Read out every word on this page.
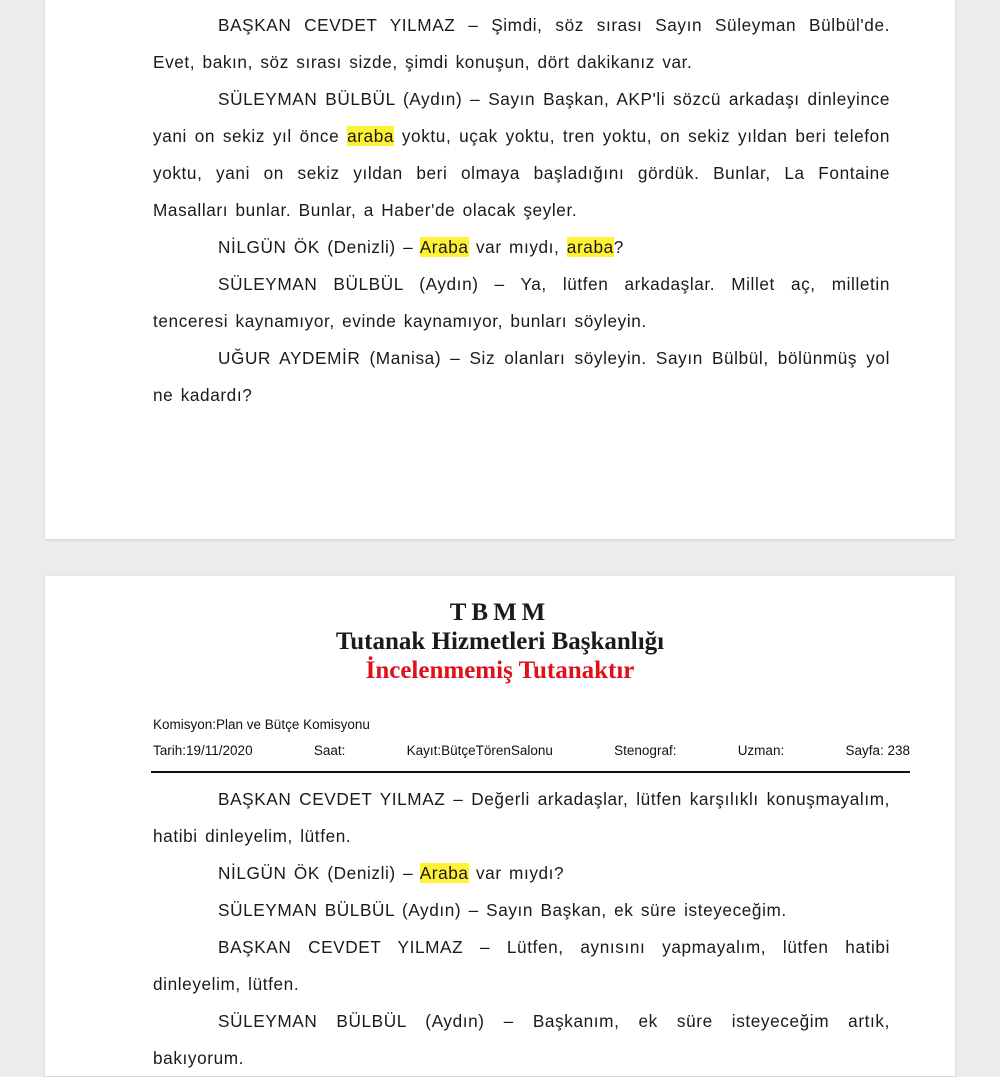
BAŞKAN CEVDET YILMAZ – Şimdi, söz sırası Sayın Süleyman Bülbül'de. Evet, bakın, söz sırası sizde, şimdi konuşun, dört dakikanız var.

SÜLEYMAN BÜLBÜL (Aydın) – Sayın Başkan, AKP'li sözcü arkadaşı dinleyince yani on sekiz yıl önce araba yoktu, uçak yoktu, tren yoktu, on sekiz yıldan beri telefon yoktu, yani on sekiz yıldan beri olmaya başladığını gördük. Bunlar, La Fontaine Masalları bunlar. Bunlar, a Haber'de olacak şeyler.

NİLGÜN ÖK (Denizli) – Araba var mıydı, araba?

SÜLEYMAN BÜLBÜL (Aydın) – Ya, lütfen arkadaşlar. Millet aç, milletin tenceresi kaynamıyor, evinde kaynamıyor, bunları söyleyin.

UĞUR AYDEMİR (Manisa) – Siz olanları söyleyin. Sayın Bülbül, bölünmüş yol ne kadardı?

TBMM
Tutanak Hizmetleri Başkanlığı
İncelenmemiş Tutanaktır
Komisyon:Plan ve Bütçe Komisyonu
Tarih:19/11/2020	Saat:	Kayıt:BütçeTörenSalonu	Stenograf:	Uzman:	Sayfa: 238

BAŞKAN CEVDET YILMAZ – Değerli arkadaşlar, lütfen karşılıklı konuşmayalım, hatibi dinleyelim, lütfen.

NİLGÜN ÖK (Denizli) – Araba var mıydı?

SÜLEYMAN BÜLBÜL (Aydın) – Sayın Başkan, ek süre isteyeceğim.

BAŞKAN CEVDET YILMAZ – Lütfen, aynısını yapmayalım, lütfen hatibi dinleyelim, lütfen.

SÜLEYMAN BÜLBÜL (Aydın) – Başkanım, ek süre isteyeceğim artık, bakıyorum.
